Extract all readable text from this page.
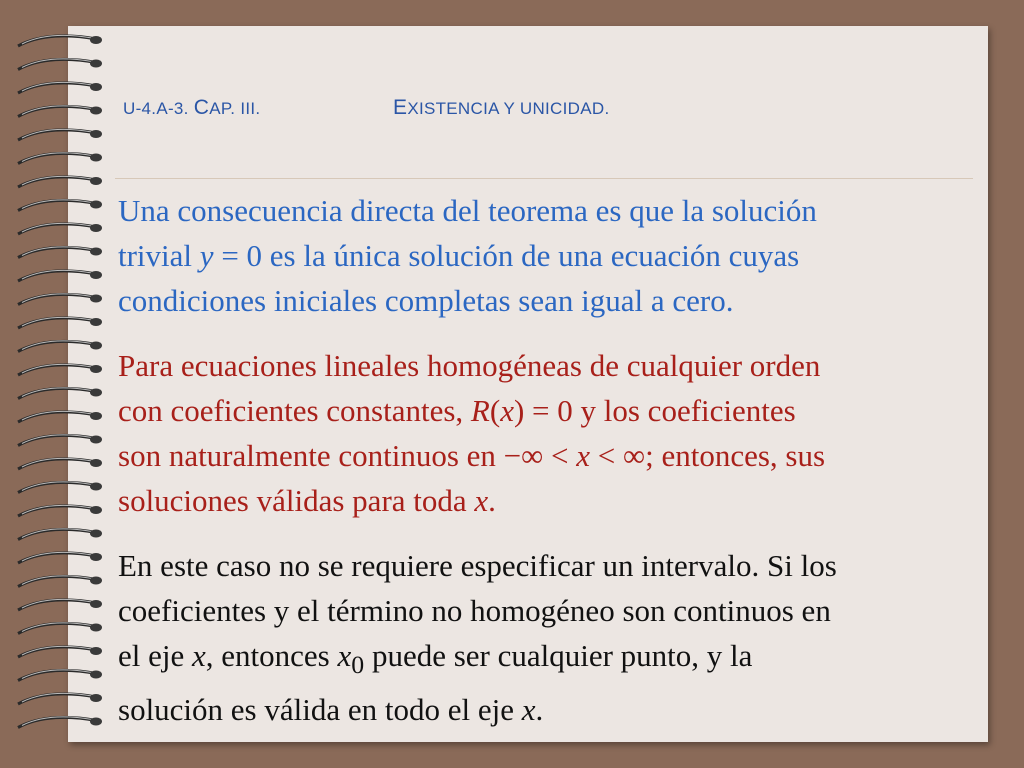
U-4.A-3. CAP. III.	EXISTENCIA Y UNICIDAD.
Una consecuencia directa del teorema es que la solución
trivial y = 0 es la única solución de una ecuación cuyas
condiciones iniciales completas sean igual a cero.
Para ecuaciones lineales homogéneas de cualquier orden
con coeficientes constantes, R(x) = 0 y los coeficientes
son naturalmente continuos en −∞ < x < ∞; entonces, sus
soluciones válidas para toda x.
En este caso no se requiere especificar un intervalo. Si los
coeficientes y el término no homogéneo son continuos en
el eje x, entonces $x_0$ puede ser cualquier punto, y la
solución es válida en todo el eje x.
